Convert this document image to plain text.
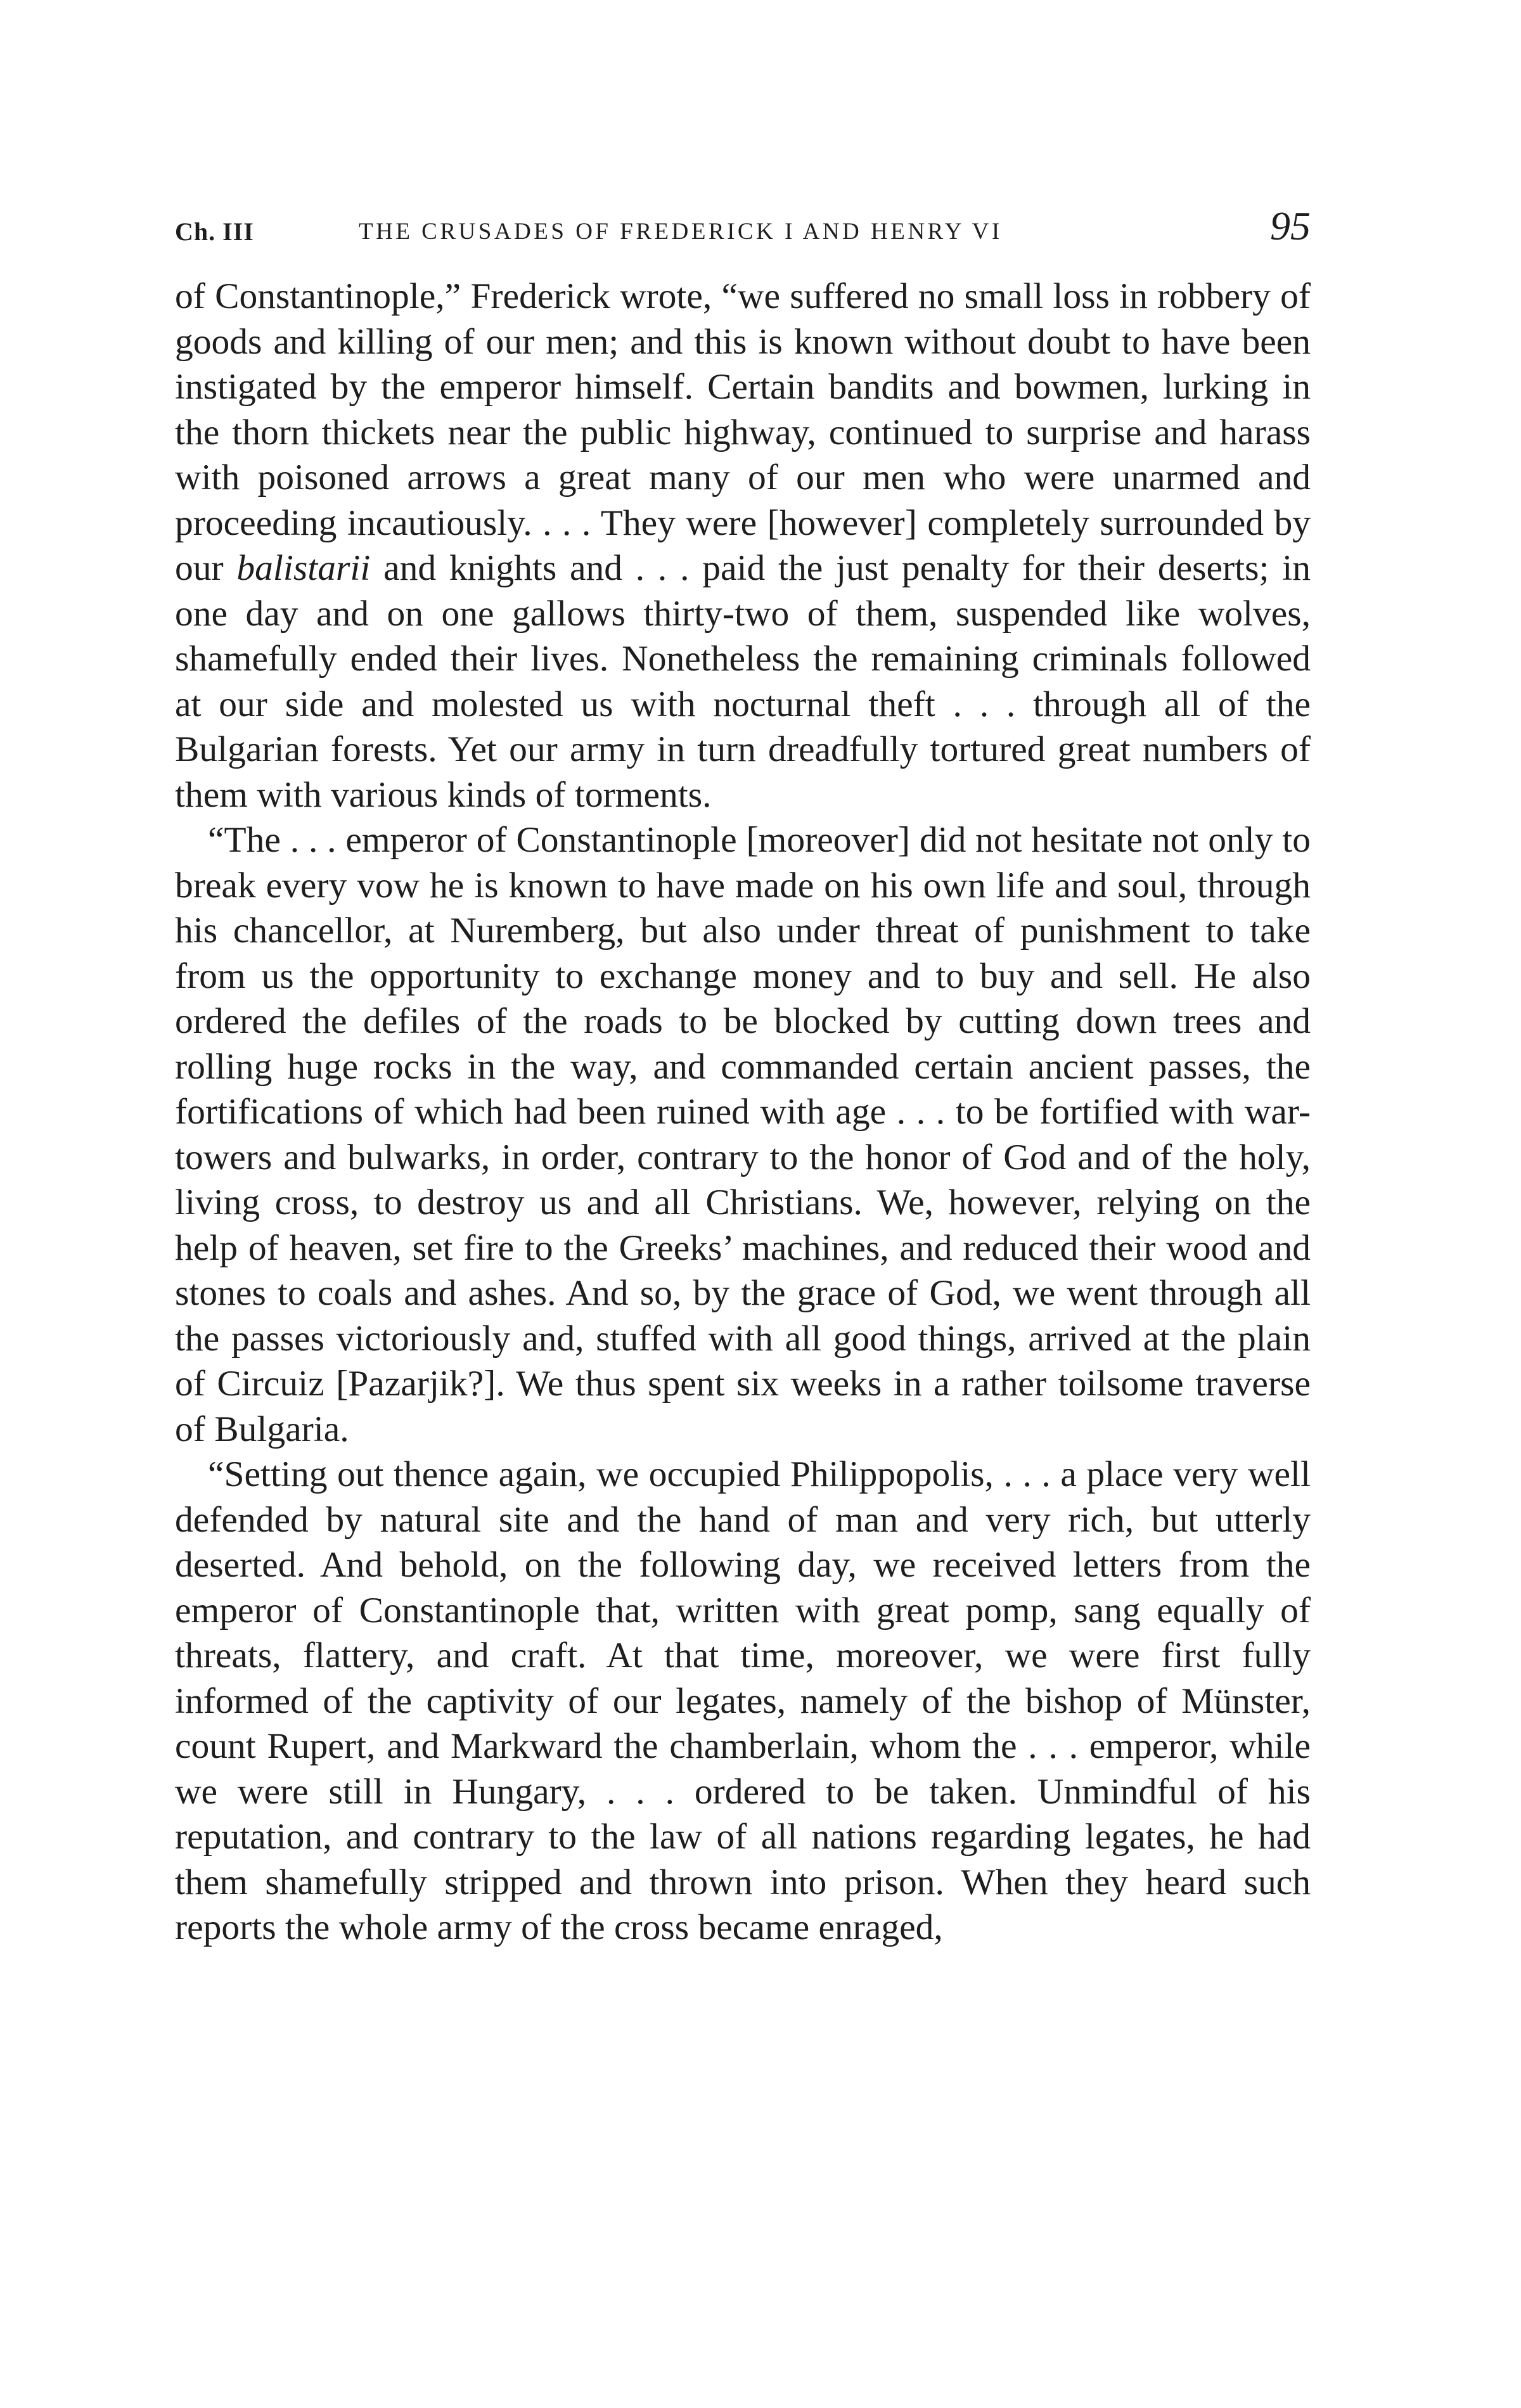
Ch. III	THE CRUSADES OF FREDERICK I AND HENRY VI	95

of Constantinople,” Frederick wrote, “we suffered no small loss in robbery of goods and killing of our men; and this is known without doubt to have been instigated by the emperor himself. Certain bandits and bowmen, lurking in the thorn thickets near the public highway, continued to surprise and harass with poisoned arrows a great many of our men who were unarmed and proceeding incautiously. . . . They were [however] completely surrounded by our balistarii and knights and . . . paid the just penalty for their deserts; in one day and on one gallows thirty-two of them, suspended like wolves, shamefully ended their lives. Nonetheless the remaining criminals followed at our side and molested us with nocturnal theft . . . through all of the Bulgarian forests. Yet our army in turn dreadfully tortured great numbers of them with various kinds of torments.

“The . . . emperor of Constantinople [moreover] did not hesitate not only to break every vow he is known to have made on his own life and soul, through his chancellor, at Nuremberg, but also under threat of punishment to take from us the opportunity to exchange money and to buy and sell. He also ordered the defiles of the roads to be blocked by cutting down trees and rolling huge rocks in the way, and commanded certain ancient passes, the fortifications of which had been ruined with age . . . to be fortified with war-towers and bulwarks, in order, contrary to the honor of God and of the holy, living cross, to destroy us and all Christians. We, however, relying on the help of heaven, set fire to the Greeks’ machines, and reduced their wood and stones to coals and ashes. And so, by the grace of God, we went through all the passes victoriously and, stuffed with all good things, arrived at the plain of Circuiz [Pazarjik?]. We thus spent six weeks in a rather toilsome traverse of Bulgaria.

“Setting out thence again, we occupied Philippopolis, . . . a place very well defended by natural site and the hand of man and very rich, but utterly deserted. And behold, on the following day, we received letters from the emperor of Constantinople that, written with great pomp, sang equally of threats, flattery, and craft. At that time, moreover, we were first fully informed of the captivity of our legates, namely of the bishop of Münster, count Rupert, and Markward the chamberlain, whom the . . . emperor, while we were still in Hungary, . . . ordered to be taken. Unmindful of his reputation, and contrary to the law of all nations regarding legates, he had them shamefully stripped and thrown into prison. When they heard such reports the whole army of the cross became enraged,
